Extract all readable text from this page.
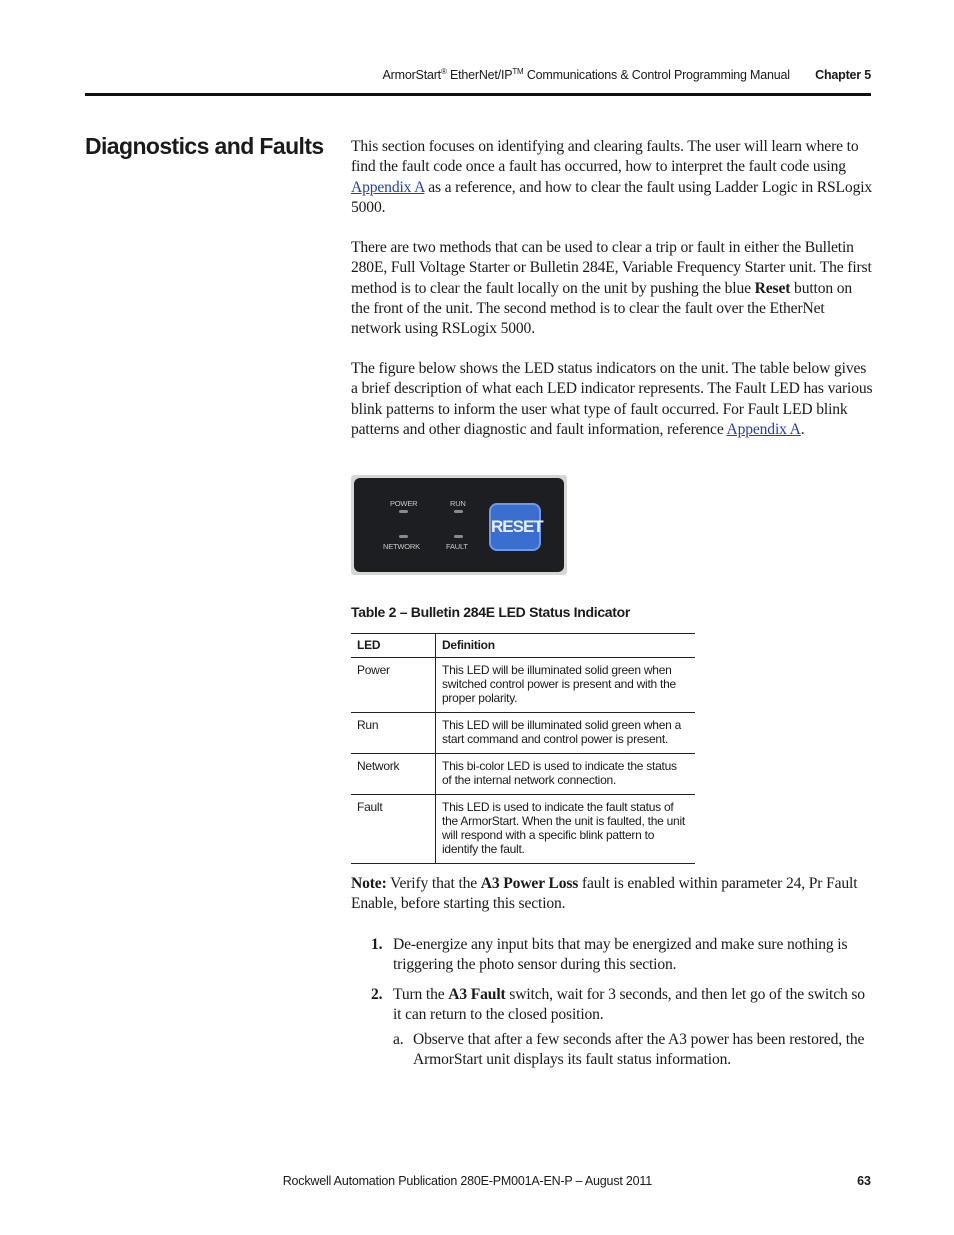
ArmorStart® EtherNet/IP™ Communications & Control Programming Manual Chapter 5
Diagnostics and Faults This section focuses on identifying and clearing faults. The user will learn where to find the fault code once a fault has occurred, how to interpret the fault code using Appendix A as a reference, and how to clear the fault using Ladder Logic in RSLogix 5000.

There are two methods that can be used to clear a trip or fault in either the Bulletin 280E, Full Voltage Starter or Bulletin 284E, Variable Frequency Starter unit. The first method is to clear the fault locally on the unit by pushing the blue Reset button on the front of the unit. The second method is to clear the fault over the EtherNet network using RSLogix 5000.

The figure below shows the LED status indicators on the unit. The table below gives a brief description of what each LED indicator represents. The Fault LED has various blink patterns to inform the user what type of fault occurred. For Fault LED blink patterns and other diagnostic and fault information, reference Appendix A.

POWER	RUN
NETWORK	FAULT
RESET

Table 2 – Bulletin 284E LED Status Indicator

LED	Definition
Power	This LED will be illuminated solid green when switched control power is present and with the proper polarity.
Run	This LED will be illuminated solid green when a start command and control power is present.
Network	This bi-color LED is used to indicate the status of the internal network connection.
Fault	This LED is used to indicate the fault status of the ArmorStart. When the unit is faulted, the unit will respond with a specific blink pattern to identify the fault.

Note: Verify that the A3 Power Loss fault is enabled within parameter 24, Pr Fault Enable, before starting this section.

1. De-energize any input bits that may be energized and make sure nothing is triggering the photo sensor during this section.
2. Turn the A3 Fault switch, wait for 3 seconds, and then let go of the switch so it can return to the closed position.
a. Observe that after a few seconds after the A3 power has been restored, the ArmorStart unit displays its fault status information.
Rockwell Automation Publication 280E-PM001A-EN-P – August 2011	63
